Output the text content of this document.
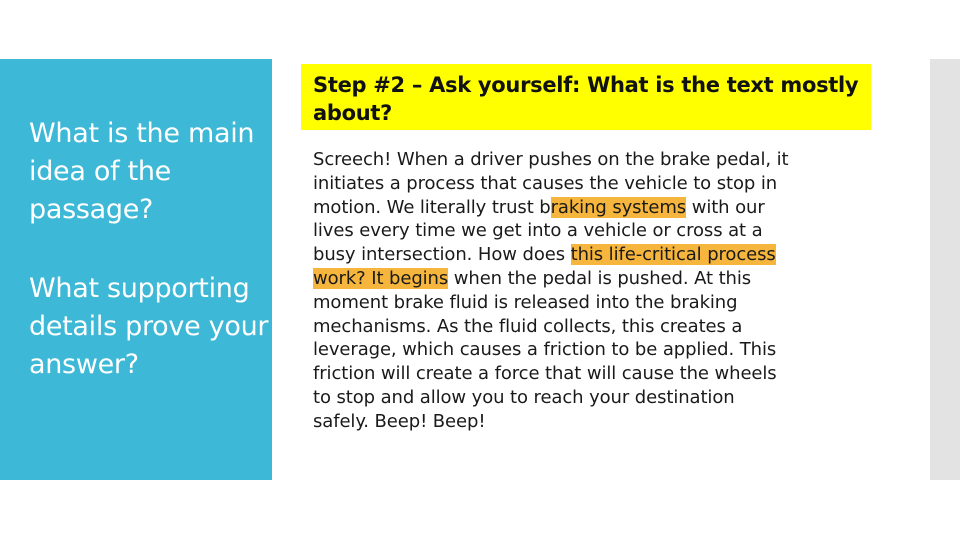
What is the main idea of the passage?
What supporting details prove your answer?
Step #2 – Ask yourself: What is the text mostly about?
Screech! When a driver pushes on the brake pedal, it
initiates a process that causes the vehicle to stop in
motion. We literally trust braking systems with our
lives every time we get into a vehicle or cross at a
busy intersection. How does this life-critical process
work? It begins when the pedal is pushed. At this
moment brake fluid is released into the braking
mechanisms. As the fluid collects, this creates a
leverage, which causes a friction to be applied. This
friction will create a force that will cause the wheels
to stop and allow you to reach your destination
safely. Beep! Beep!
